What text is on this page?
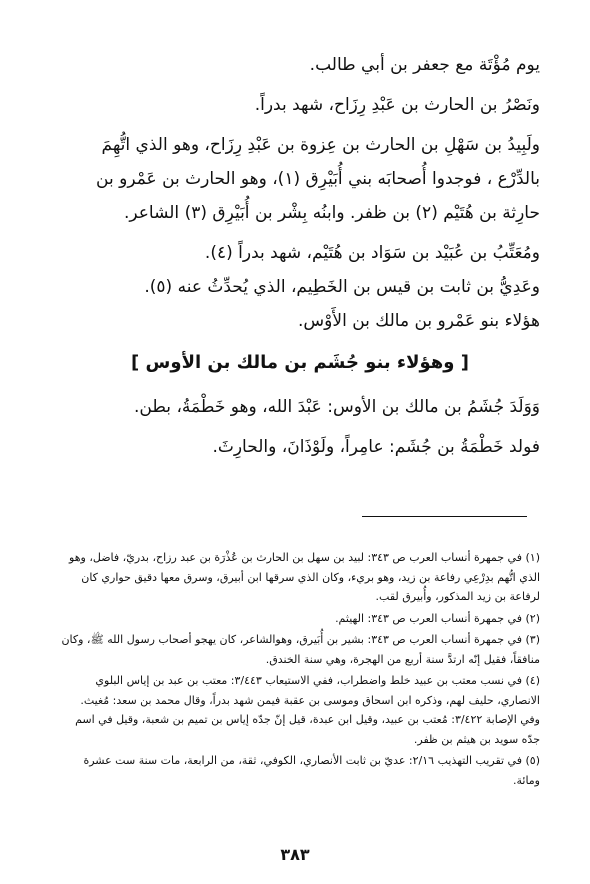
يوم مُؤْتَة مع جعفر بن أبي طالب.

ونَصْرُ بن الحارث بن عَبْدِ رِزَاح، شهد بدراً.

ولَبِيدُ بن سَهْلِ بن الحارث بن عِزوة بن عَبْدِ رِزَاح، وهو الذي اتُّهِمَ بالدِّرْع ، فوجدوا أُصحابَه بني أُبَيْرِق (١)، وهو الحارث بن عَمْرو بن حارِثة بن هُتَيْم (٢) بن ظفر. وابنُه بِشْر بن أُبَيْرِق (٣) الشاعر.

ومُعَتِّبُ بن عُبَيْد بن سَوَاد بن هُتَيْم، شهد بدراً (٤).

وعَدِيُّ بن ثابت بن قيس بن الخَطِيم، الذي يُحدِّثُ عنه (٥).

هؤلاء بنو عَمْرو بن مالك بن الأَوْس.

[ وهؤلاء بنو جُشَم بن مالك بن الأوس ]

وَوَلَدَ جُشَمُ بن مالك بن الأوس: عَبْدَ الله، وهو خَطْمَةُ، بطن.

فولد خَطْمَةُ بن جُشَم: عامِراً، ولَوْذَانَ، والحارِثَ.

(١) في جمهرة أنساب العرب ص ٣٤٣: لبيد بن سهل بن الحارث بن عُذْرَة بن عبد رزاح، بدريّ، فاضل، وهو الذي اتُّهم بدِرْعِي رفاعة بن زيد، وهو بريء، وكان الذي سرقها ابن أبيرق، وسرق معها دقيق حواري كان لرفاعة بن زيد المذكور، وأُبيرق لقب.

(٢) في جمهرة أنساب العرب ص ٣٤٣: الهيثم.

(٣) في جمهرة أنساب العرب ص ٣٤٣: بشير بن أُبَيرق، وهوالشاعر، كان يهجو أصحاب رسول الله ﷺ، وكان منافقاً، فقيل إنّه ارتدَّ سنة أربع من الهجرة، وهي سنة الخندق.

(٤) في نسب معتب بن عبيد خلط واضطراب، ففي الاستيعاب ٣/٤٤٣: معتب بن عبد بن إياس البلوي الانصاري، حليف لهم، وذكره ابن اسحاق وموسى بن عقبة فيمن شهد بدراً، وقال محمد بن سعد: مُغيث. وفي الإصابة ٣/٤٢٢: مُعتب بن عبيد، وقيل ابن عبدة، قيل إنّ جدّه إياس بن تميم بن شعبة، وقيل في اسم جدّه سويد بن هيثم بن ظفر.

(٥) في تقريب التهذيب ٢/١٦: عديّ بن ثابت الأنصاري، الكوفي، ثقة، من الرابعة، مات سنة ست عشرة ومائة.

٣٨٣
